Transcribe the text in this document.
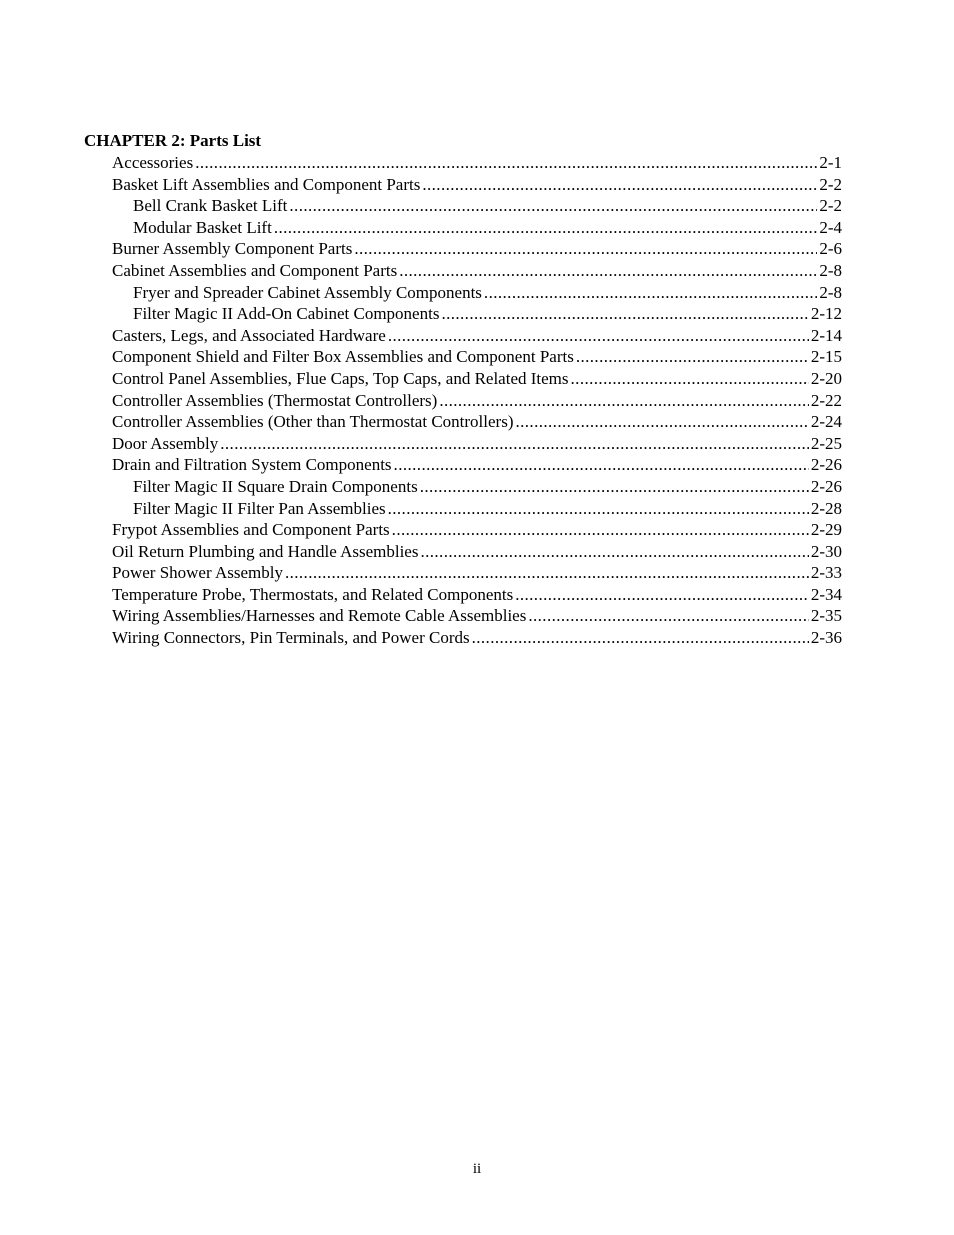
CHAPTER 2: Parts List
Accessories .....	2-1
Basket Lift Assemblies and Component Parts .....	2-2
Bell Crank Basket Lift .....	2-2
Modular Basket Lift .....	2-4
Burner Assembly Component Parts .....	2-6
Cabinet Assemblies and Component Parts .....	2-8
Fryer and Spreader Cabinet Assembly Components .....	2-8
Filter Magic II Add-On Cabinet Components .....	2-12
Casters, Legs, and Associated Hardware .....	2-14
Component Shield and Filter Box Assemblies and Component Parts .....	2-15
Control Panel Assemblies, Flue Caps, Top Caps, and Related Items .....	2-20
Controller Assemblies (Thermostat Controllers) .....	2-22
Controller Assemblies (Other than Thermostat Controllers) .....	2-24
Door Assembly .....	2-25
Drain and Filtration System Components .....	2-26
Filter Magic II Square Drain Components .....	2-26
Filter Magic II Filter Pan Assemblies .....	2-28
Frypot Assemblies and Component Parts .....	2-29
Oil Return Plumbing and Handle Assemblies .....	2-30
Power Shower Assembly .....	2-33
Temperature Probe, Thermostats, and Related Components .....	2-34
Wiring Assemblies/Harnesses and Remote Cable Assemblies .....	2-35
Wiring Connectors, Pin Terminals, and Power Cords .....	2-36
ii
